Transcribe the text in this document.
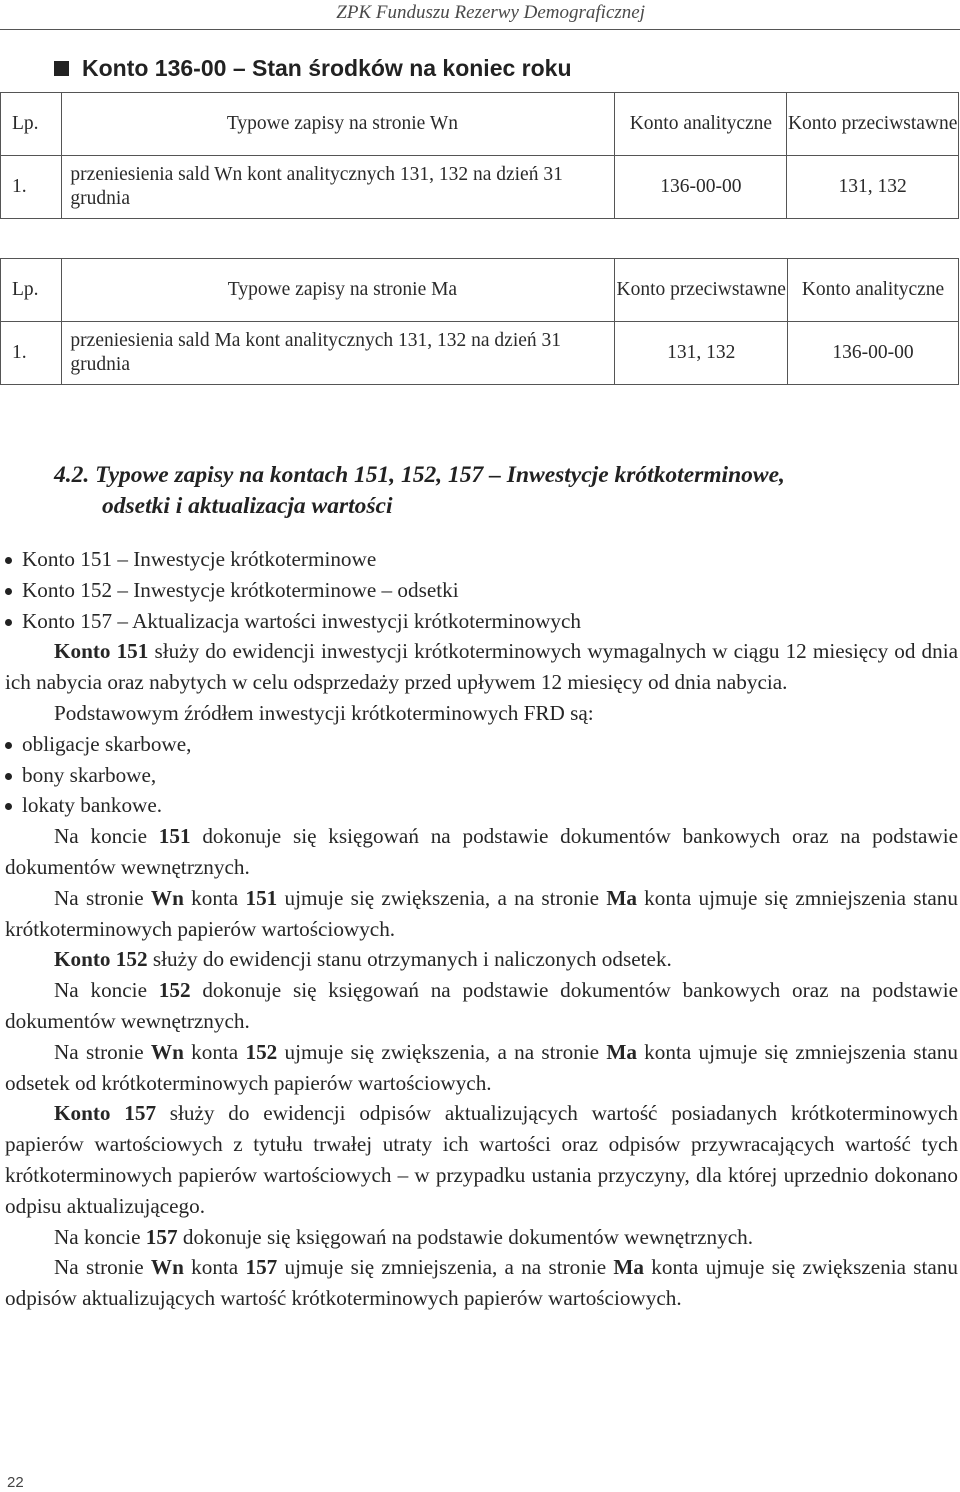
ZPK Funduszu Rezerwy Demograficznej
Konto 136-00 – Stan środków na koniec roku
Lp.	Typowe zapisy na stronie Wn	Konto analityczne	Konto przeciwstawne
1.	przeniesienia sald Wn kont analitycznych 131, 132 na dzień 31 grudnia	136-00-00	131, 132
Lp.	Typowe zapisy na stronie Ma	Konto przeciwstawne	Konto analityczne
1.	przeniesienia sald Ma kont analitycznych 131, 132 na dzień 31 grudnia	131, 132	136-00-00
4.2. Typowe zapisy na kontach 151, 152, 157 – Inwestycje krótkoterminowe,
odsetki i aktualizacja wartości
Konto 151 – Inwestycje krótkoterminowe
Konto 152 – Inwestycje krótkoterminowe – odsetki
Konto 157 – Aktualizacja wartości inwestycji krótkoterminowych

Konto 151 służy do ewidencji inwestycji krótkoterminowych wymagalnych w ciągu 12 miesięcy od dnia ich nabycia oraz nabytych w celu odsprzedaży przed upływem 12 miesięcy od dnia nabycia.

Podstawowym źródłem inwestycji krótkoterminowych FRD są:

obligacje skarbowe,
bony skarbowe,
lokaty bankowe.

Na koncie 151 dokonuje się księgowań na podstawie dokumentów bankowych oraz na podstawie dokumentów wewnętrznych.

Na stronie Wn konta 151 ujmuje się zwiększenia, a na stronie Ma konta ujmuje się zmniejszenia stanu krótkoterminowych papierów wartościowych.

Konto 152 służy do ewidencji stanu otrzymanych i naliczonych odsetek.

Na koncie 152 dokonuje się księgowań na podstawie dokumentów bankowych oraz na podstawie dokumentów wewnętrznych.

Na stronie Wn konta 152 ujmuje się zwiększenia, a na stronie Ma konta ujmuje się zmniejszenia stanu odsetek od krótkoterminowych papierów wartościowych.

Konto 157 służy do ewidencji odpisów aktualizujących wartość posiadanych krótkoterminowych papierów wartościowych z tytułu trwałej utraty ich wartości oraz odpisów przywracających wartość tych krótkoterminowych papierów wartościowych – w przypadku ustania przyczyny, dla której uprzednio dokonano odpisu aktualizującego.

Na koncie 157 dokonuje się księgowań na podstawie dokumentów wewnętrznych.

Na stronie Wn konta 157 ujmuje się zmniejszenia, a na stronie Ma konta ujmuje się zwiększenia stanu odpisów aktualizujących wartość krótkoterminowych papierów wartościowych.

22
